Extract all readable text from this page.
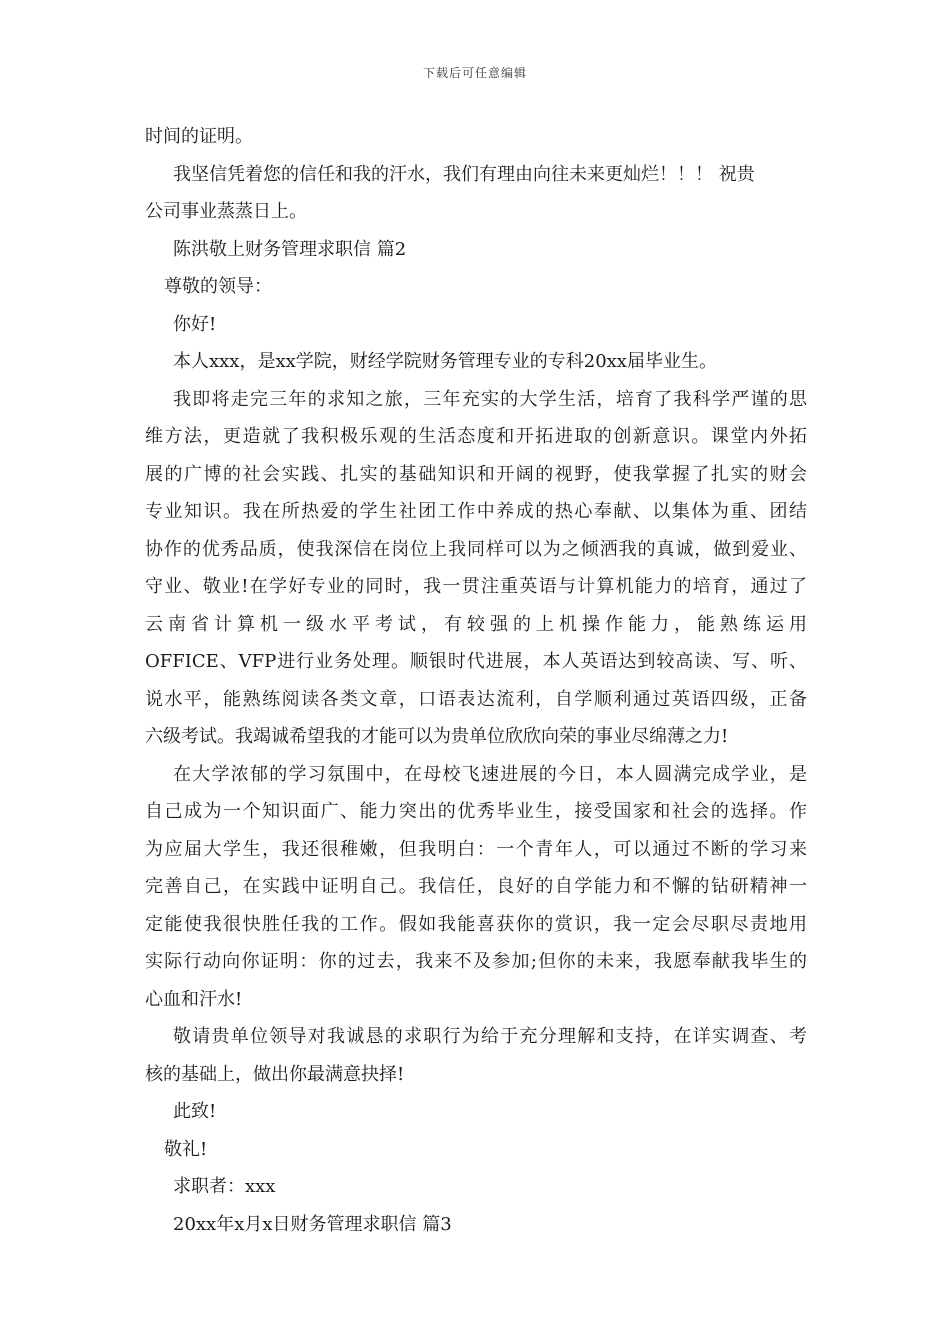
下载后可任意编辑
时间的证明。
我坚信凭着您的信任和我的汗水，我们有理由向往未来更灿烂！！！ 祝贵
公司事业蒸蒸日上。
陈洪敬上财务管理求职信 篇2
尊敬的领导：
你好!
本人xxx，是xx学院，财经学院财务管理专业的专科20xx届毕业生。
我即将走完三年的求知之旅，三年充实的大学生活，培育了我科学严谨的思
维方法，更造就了我积极乐观的生活态度和开拓进取的创新意识。课堂内外拓
展的广博的社会实践、扎实的基础知识和开阔的视野，使我掌握了扎实的财会
专业知识。我在所热爱的学生社团工作中养成的热心奉献、以集体为重、团结
协作的优秀品质，使我深信在岗位上我同样可以为之倾洒我的真诚，做到爱业、
守业、敬业!在学好专业的同时，我一贯注重英语与计算机能力的培育，通过了
云南省计算机一级水平考试，有较强的上机操作能力，能熟练运用
OFFICE、VFP进行业务处理。顺银时代进展，本人英语达到较高读、写、听、
说水平，能熟练阅读各类文章，口语表达流利，自学顺利通过英语四级，正备
六级考试。我竭诚希望我的才能可以为贵单位欣欣向荣的事业尽绵薄之力!
在大学浓郁的学习氛围中，在母校飞速进展的今日，本人圆满完成学业，是
自己成为一个知识面广、能力突出的优秀毕业生，接受国家和社会的选择。作
为应届大学生，我还很稚嫩，但我明白：一个青年人，可以通过不断的学习来
完善自己，在实践中证明自己。我信任，良好的自学能力和不懈的钻研精神一
定能使我很快胜任我的工作。假如我能喜获你的赏识，我一定会尽职尽责地用
实际行动向你证明：你的过去，我来不及参加;但你的未来，我愿奉献我毕生的
心血和汗水!
敬请贵单位领导对我诚恳的求职行为给于充分理解和支持，在详实调查、考
核的基础上，做出你最满意抉择!
此致!
敬礼!
求职者：xxx
20xx年x月x日财务管理求职信 篇3
